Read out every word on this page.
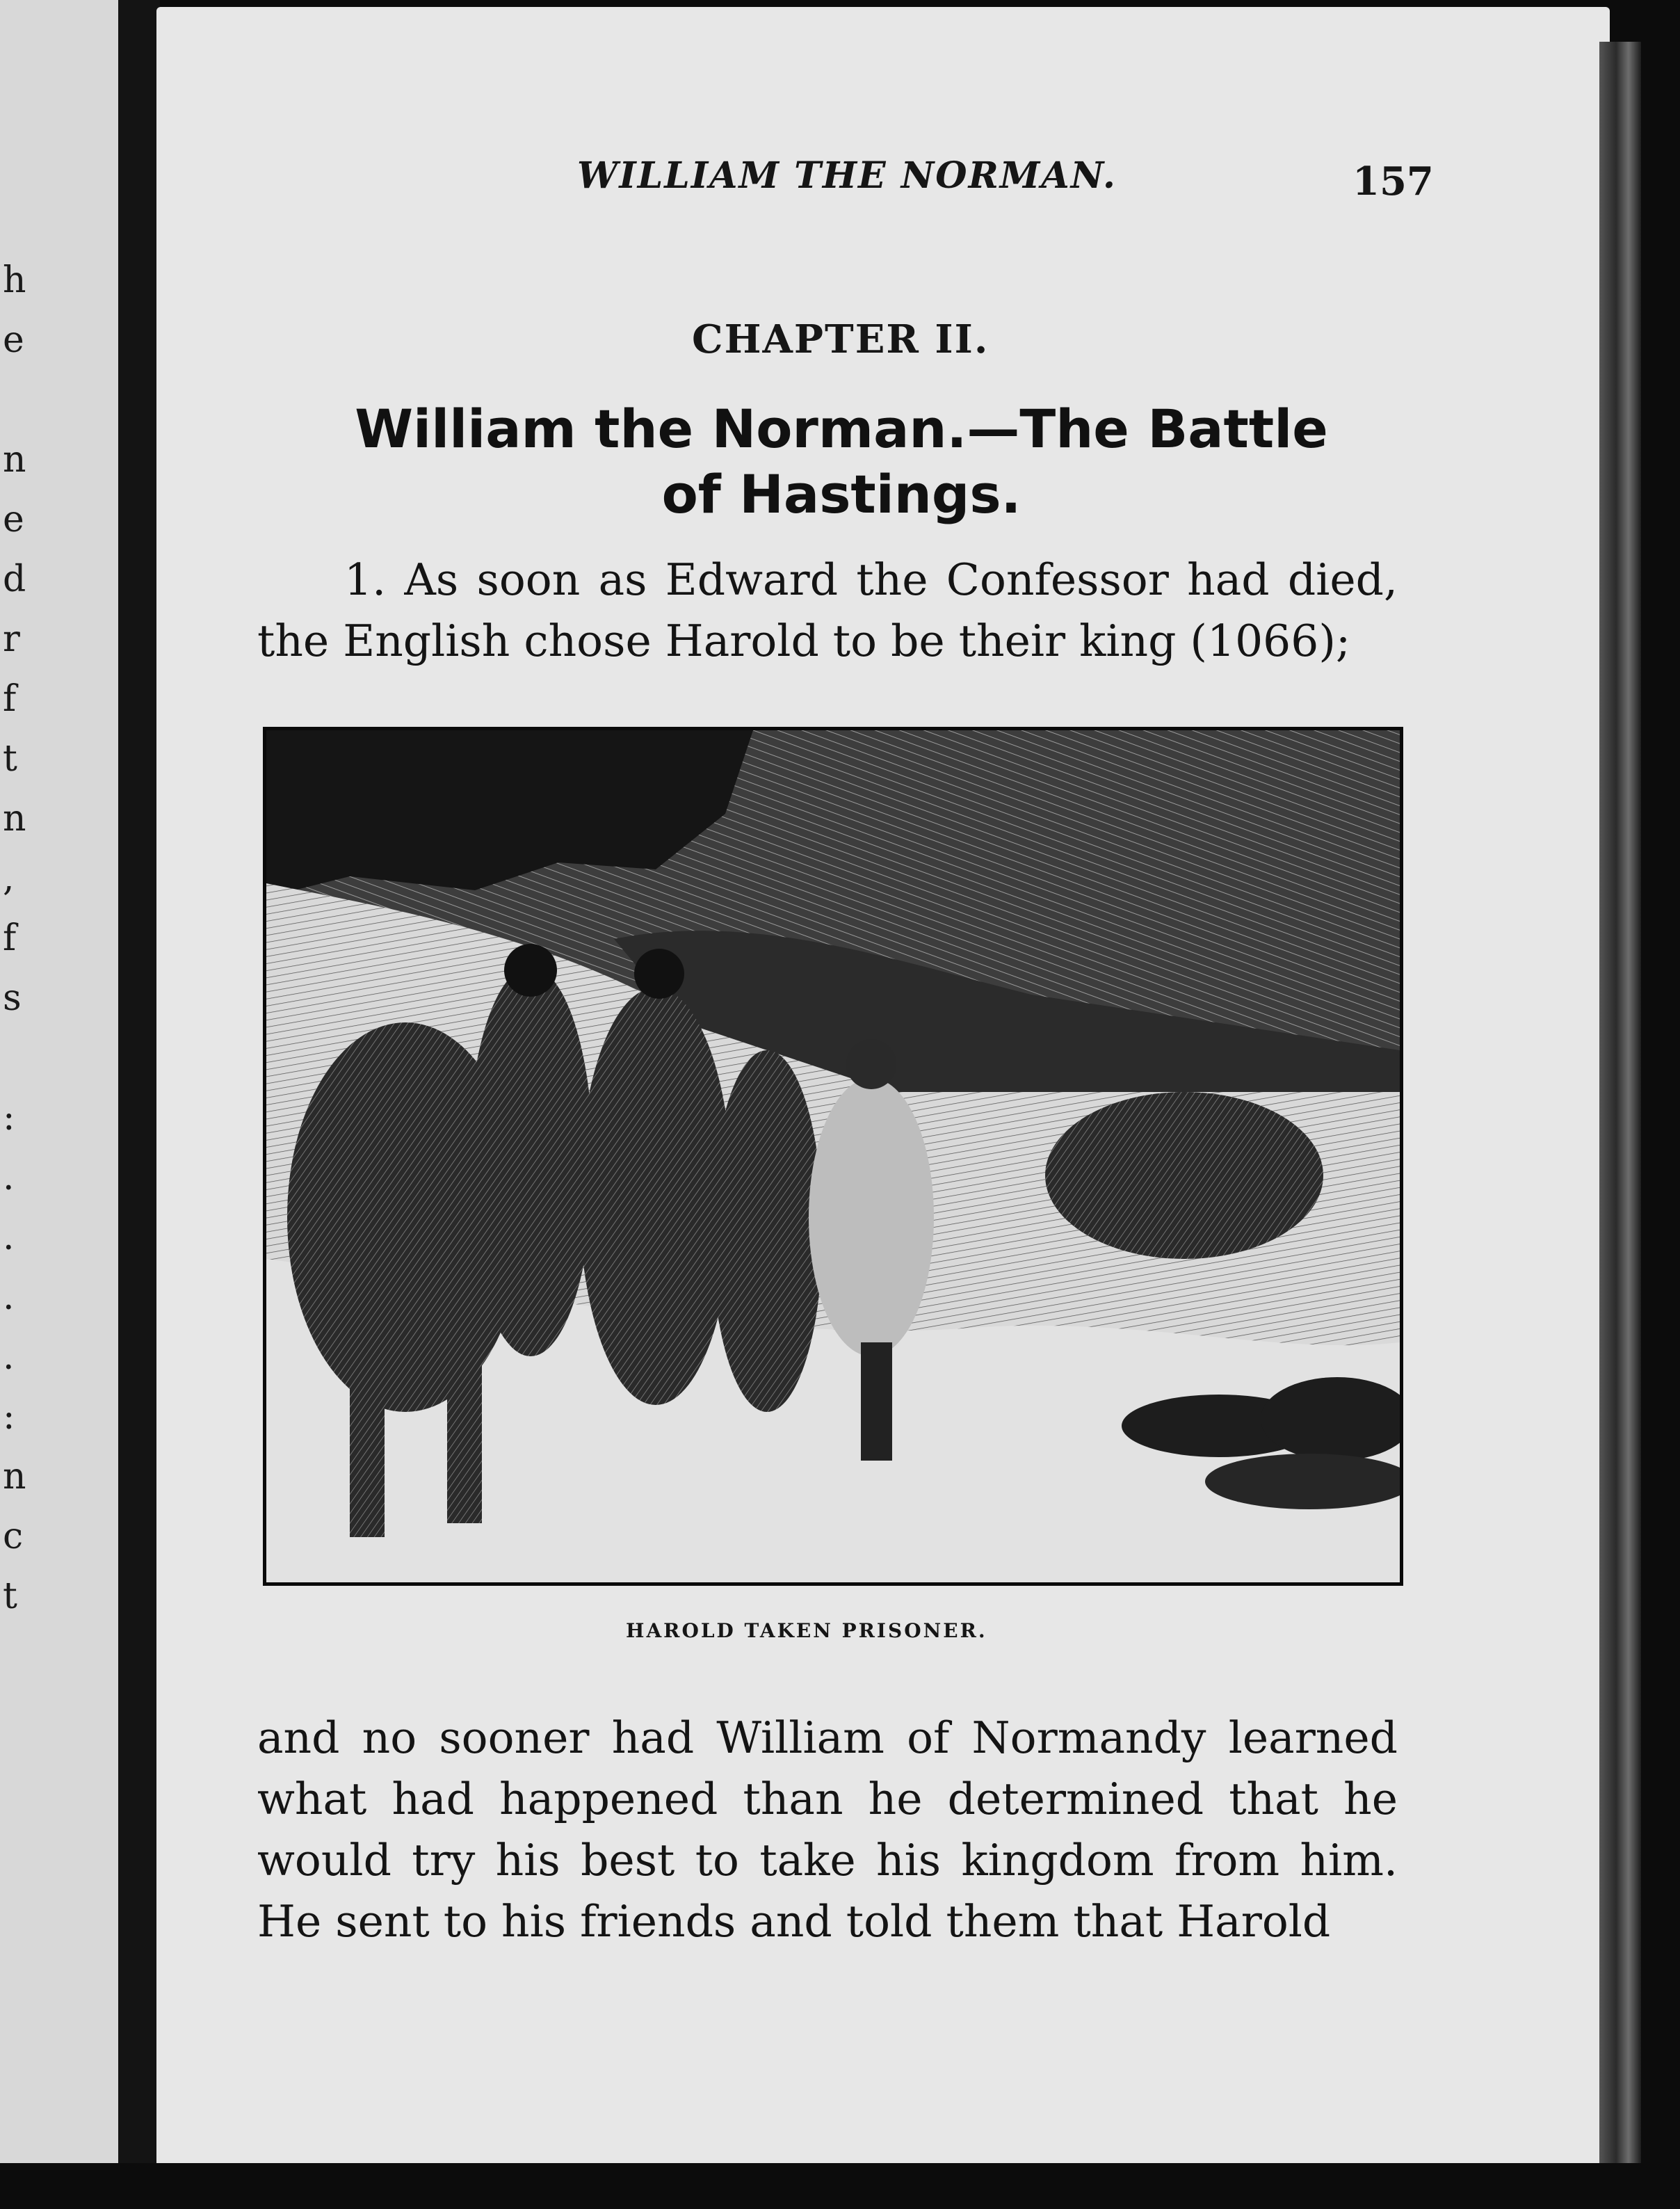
h
e

n
e
d
r
f
t
n
,
f
s

:
.
.
.
.
:
n
c
t
WILLIAM THE NORMAN.	157
CHAPTER II.
William the Norman.—The Battle of Hastings.
1. As soon as Edward the Confessor had died, the English chose Harold to be their king (1066);
HAROLD TAKEN PRISONER.
and no sooner had William of Normandy learned what had happened than he determined that he would try his best to take his kingdom from him. He sent to his friends and told them that Harold
